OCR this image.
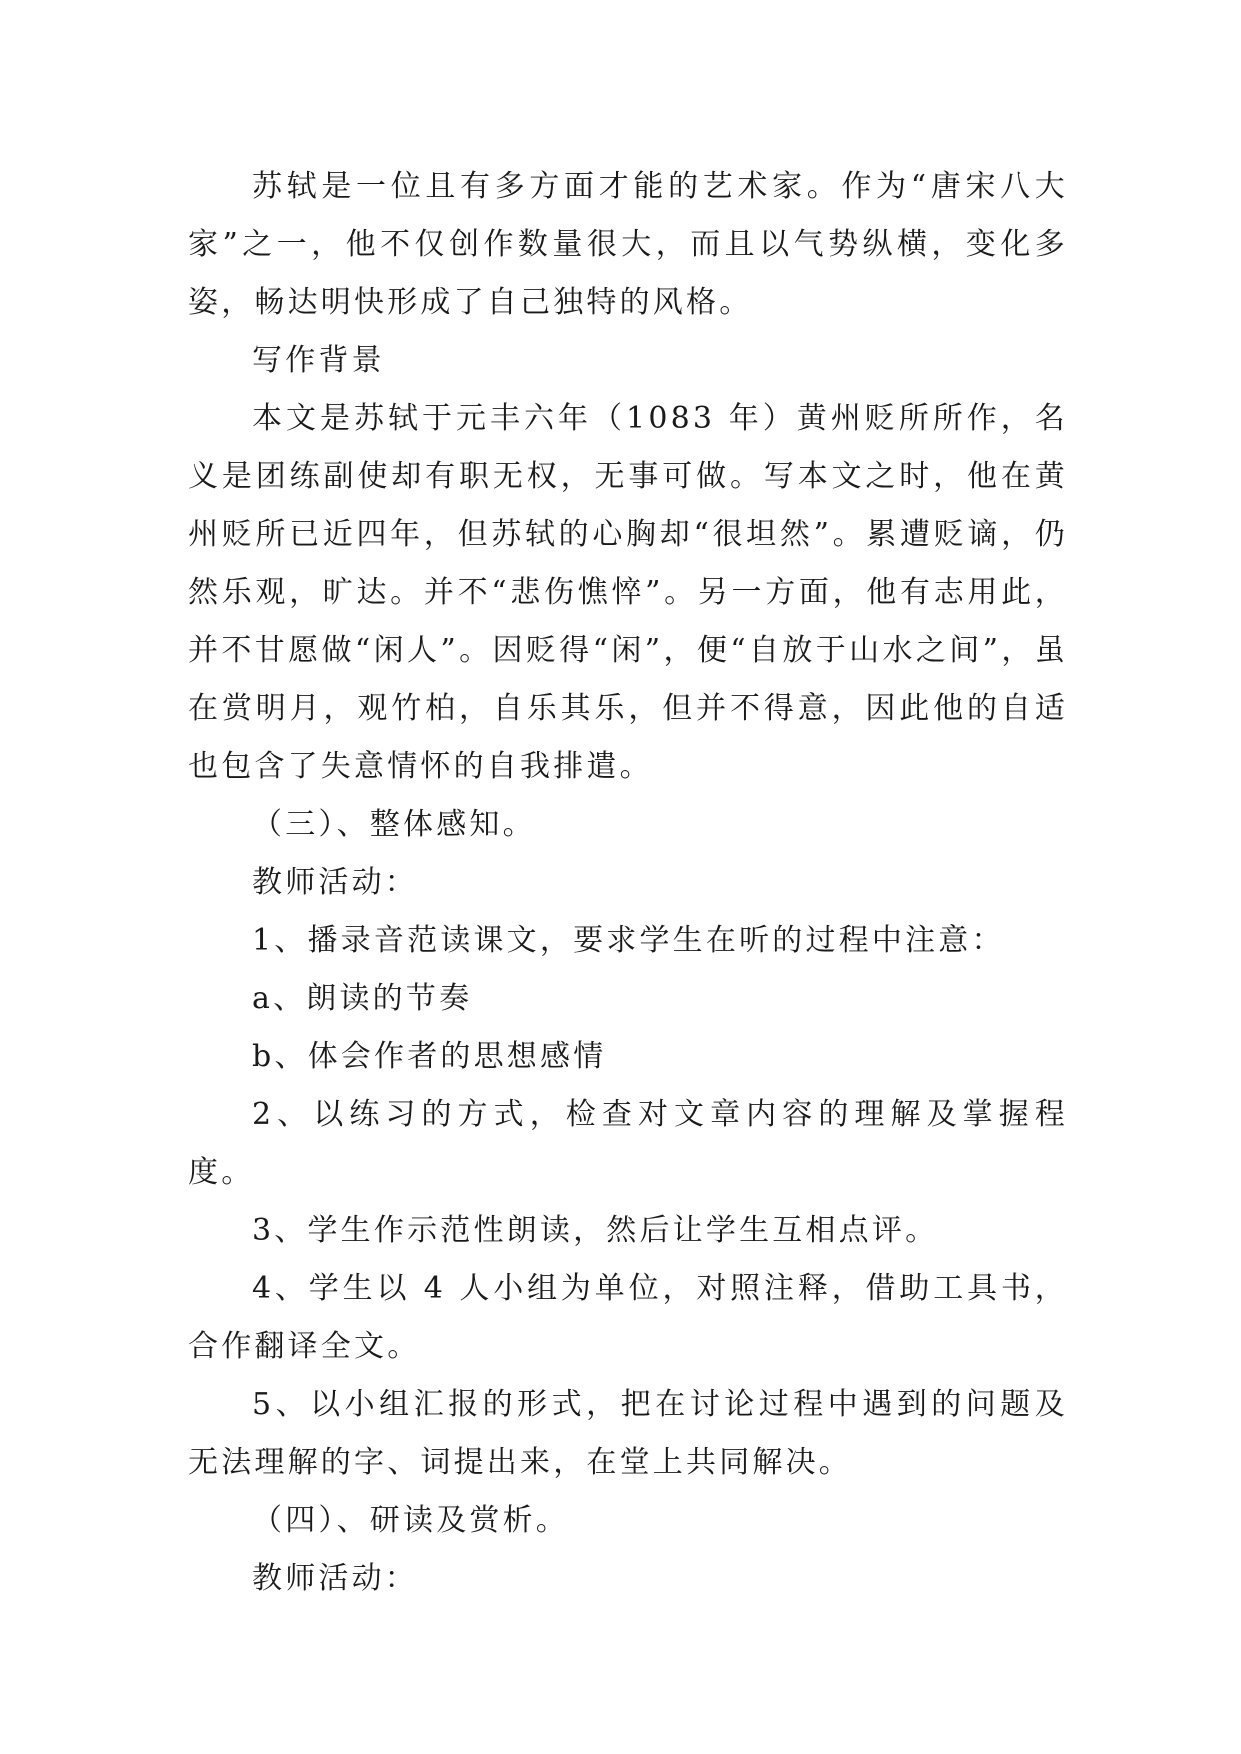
苏轼是一位且有多方面才能的艺术家。作为“唐宋八大家”之一，他不仅创作数量很大，而且以气势纵横，变化多姿，畅达明快形成了自己独特的风格。

写作背景

本文是苏轼于元丰六年（1083 年）黄州贬所所作，名义是团练副使却有职无权，无事可做。写本文之时，他在黄州贬所已近四年，但苏轼的心胸却“很坦然”。累遭贬谪，仍然乐观，旷达。并不“悲伤憔悴”。另一方面，他有志用此，并不甘愿做“闲人”。因贬得“闲”，便“自放于山水之间”，虽在赏明月，观竹柏，自乐其乐，但并不得意，因此他的自适也包含了失意情怀的自我排遣。

（三）、整体感知。

教师活动：

1、播录音范读课文，要求学生在听的过程中注意：

a、朗读的节奏

b、体会作者的思想感情

2、以练习的方式，检查对文章内容的理解及掌握程度。

3、学生作示范性朗读，然后让学生互相点评。

4、学生以 4 人小组为单位，对照注释，借助工具书，合作翻译全文。

5、以小组汇报的形式，把在讨论过程中遇到的问题及无法理解的字、词提出来，在堂上共同解决。

（四）、研读及赏析。

教师活动：
